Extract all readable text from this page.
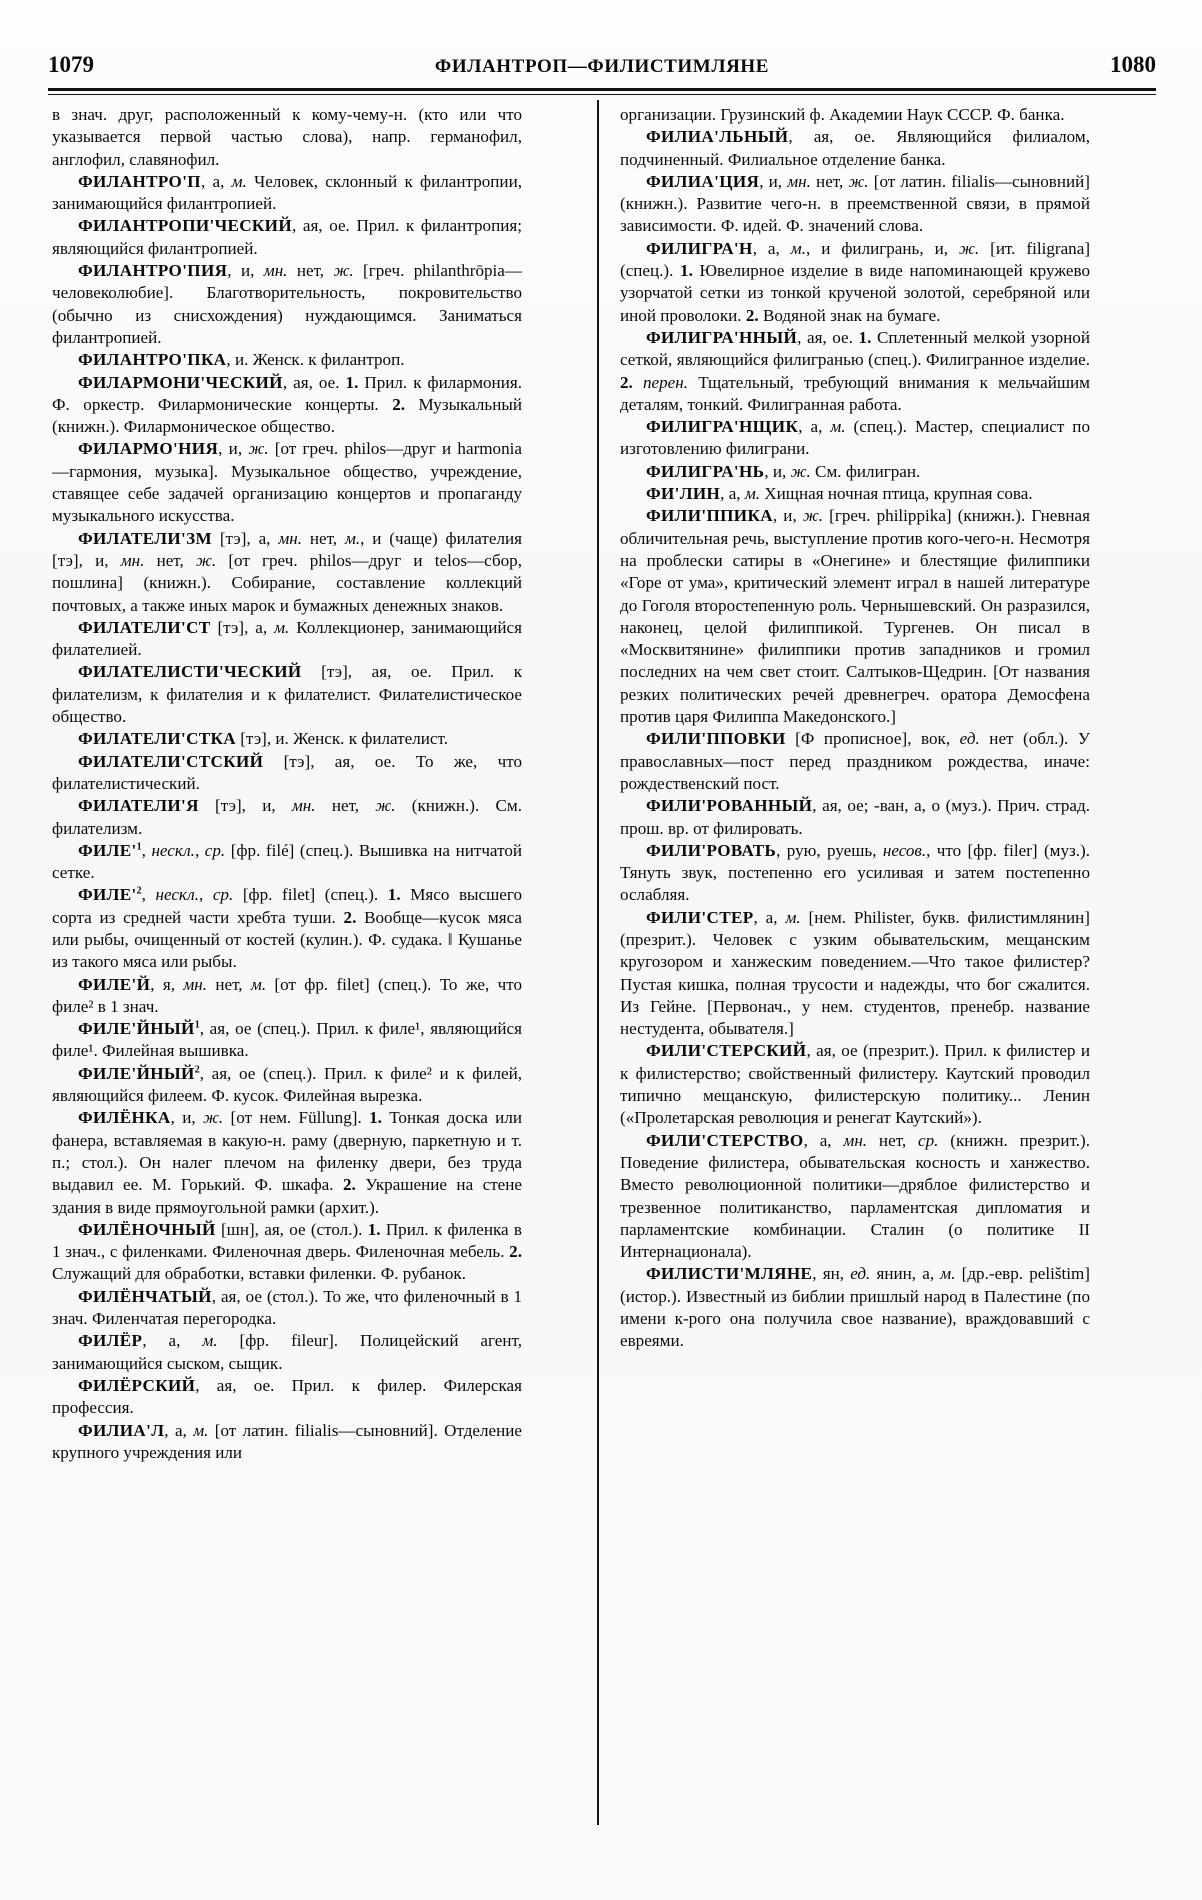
1079	ФИЛАНТРОП—ФИЛИСТИМЛЯНЕ	1080

в знач. друг, расположенный к кому-чему-н. (кто или что указывается первой частью слова), напр. германофил, англофил, славянофил.

ФИЛАНТРО'П, а, м. Человек, склонный к филантропии, занимающийся филантропией.

ФИЛАНТРОПИ'ЧЕСКИЙ, ая, ое. Прил. к филантропия; являющийся филантропией.

ФИЛАНТРО'ПИЯ, и, мн. нет, ж. [греч. philanthrōpia—человеколюбие]. Благотворительность, покровительство (обычно из снисхождения) нуждающимся. Заниматься филантропией.

ФИЛАНТРО'ПКА, и. Женск. к филантроп.

ФИЛАРМОНИ'ЧЕСКИЙ, ая, ое. 1. Прил. к филармония. Ф. оркестр. Филармонические концерты. 2. Музыкальный (книжн.). Филармоническое общество.

ФИЛАРМО'НИЯ, и, ж. [от греч. philos—друг и harmonia—гармония, музыка]. Музыкальное общество, учреждение, ставящее себе задачей организацию концертов и пропаганду музыкального искусства.

ФИЛАТЕЛИ'ЗМ [тэ], а, мн. нет, м., и (чаще) филателия [тэ], и, мн. нет, ж. [от греч. philos—друг и telos—сбор, пошлина] (книжн.). Собирание, составление коллекций почтовых, а также иных марок и бумажных денежных знаков.

ФИЛАТЕЛИ'СТ [тэ], а, м. Коллекционер, занимающийся филателией.

ФИЛАТЕЛИСТИ'ЧЕСКИЙ [тэ], ая, ое. Прил. к филателизм, к филателия и к филателист. Филателистическое общество.

ФИЛАТЕЛИ'СТКА [тэ], и. Женск. к филателист.

ФИЛАТЕЛИ'СТСКИЙ [тэ], ая, ое. То же, что филателистический.

ФИЛАТЕЛИ'Я [тэ], и, мн. нет, ж. (книжн.). См. филателизм.

$ФИЛЕ'^1$, нескл., ср. [фр. filé] (спец.). Вышивка на нитчатой сетке.

$ФИЛЕ'^2$, нескл., ср. [фр. filet] (спец.). 1. Мясо высшего сорта из средней части хребта туши. 2. Вообще—кусок мяса или рыбы, очищенный от костей (кулин.). Ф. судака. ‖ Кушанье из такого мяса или рыбы.

ФИЛЕ'Й, я, мн. нет, м. [от фр. filet] (спец.). То же, что филе² в 1 знач.

ФИЛЕ'ЙНЫЙ$^1$, ая, ое (спец.). Прил. к филе¹, являющийся филе¹. Филейная вышивка.

ФИЛЕ'ЙНЫЙ$^2$, ая, ое (спец.). Прил. к филе² и к филей, являющийся филеем. Ф. кусок. Филейная вырезка.

ФИЛЁНКА, и, ж. [от нем. Füllung]. 1. Тонкая доска или фанера, вставляемая в какую-н. раму (дверную, паркетную и т. п.; стол.). Он налег плечом на филенку двери, без труда выдавил ее. М. Горький. Ф. шкафа. 2. Украшение на стене здания в виде прямоугольной рамки (архит.).

ФИЛЁНОЧНЫЙ [шн], ая, ое (стол.). 1. Прил. к филенка в 1 знач., с филенками. Филеночная дверь. Филеночная мебель. 2. Служащий для обработки, вставки филенки. Ф. рубанок.

ФИЛЁНЧАТЫЙ, ая, ое (стол.). То же, что филеночный в 1 знач. Филенчатая перегородка.

ФИЛЁР, а, м. [фр. fileur]. Полицейский агент, занимающийся сыском, сыщик.

ФИЛЁРСКИЙ, ая, ое. Прил. к филер. Филерская профессия.

ФИЛИА'Л, а, м. [от латин. filialis—сыновний]. Отделение крупного учреждения или

организации. Грузинский ф. Академии Наук СССР. Ф. банка.

ФИЛИА'ЛЬНЫЙ, ая, ое. Являющийся филиалом, подчиненный. Филиальное отделение банка.

ФИЛИА'ЦИЯ, и, мн. нет, ж. [от латин. filialis—сыновний] (книжн.). Развитие чего-н. в преемственной связи, в прямой зависимости. Ф. идей. Ф. значений слова.

ФИЛИГРА'Н, а, м., и филигрань, и, ж. [ит. filigrana] (спец.). 1. Ювелирное изделие в виде напоминающей кружево узорчатой сетки из тонкой крученой золотой, серебряной или иной проволоки. 2. Водяной знак на бумаге.

ФИЛИГРА'ННЫЙ, ая, ое. 1. Сплетенный мелкой узорной сеткой, являющийся филигранью (спец.). Филигранное изделие. 2. перен. Тщательный, требующий внимания к мельчайшим деталям, тонкий. Филигранная работа.

ФИЛИГРА'НЩИК, а, м. (спец.). Мастер, специалист по изготовлению филиграни.

ФИЛИГРА'НЬ, и, ж. См. филигран.

ФИ'ЛИН, а, м. Хищная ночная птица, крупная сова.

ФИЛИ'ППИКА, и, ж. [греч. philippika] (книжн.). Гневная обличительная речь, выступление против кого-чего-н. Несмотря на проблески сатиры в «Онегине» и блестящие филиппики «Горе от ума», критический элемент играл в нашей литературе до Гоголя второстепенную роль. Чернышевский. Он разразился, наконец, целой филиппикой. Тургенев. Он писал в «Москвитянине» филиппики против западников и громил последних на чем свет стоит. Салтыков-Щедрин. [От названия резких политических речей древнегреч. оратора Демосфена против царя Филиппа Македонского.]

ФИЛИ'ППОВКИ [Ф прописное], вок, ед. нет (обл.). У православных—пост перед праздником рождества, иначе: рождественский пост.

ФИЛИ'РОВАННЫЙ, ая, ое; -ван, а, о (муз.). Прич. страд. прош. вр. от филировать.

ФИЛИ'РОВАТЬ, рую, руешь, несов., что [фр. filer] (муз.). Тянуть звук, постепенно его усиливая и затем постепенно ослабляя.

ФИЛИ'СТЕР, а, м. [нем. Philister, букв. филистимлянин] (презрит.). Человек с узким обывательским, мещанским кругозором и ханжеским поведением.—Что такое филистер? Пустая кишка, полная трусости и надежды, что бог сжалится. Из Гейне. [Первонач., у нем. студентов, пренебр. название нестудента, обывателя.]

ФИЛИ'СТЕРСКИЙ, ая, ое (презрит.). Прил. к филистер и к филистерство; свойственный филистеру. Каутский проводил типично мещанскую, филистерскую политику... Ленин («Пролетарская революция и ренегат Каутский»).

ФИЛИ'СТЕРСТВО, а, мн. нет, ср. (книжн. презрит.). Поведение филистера, обывательская косность и ханжество. Вместо революционной политики—дряблое филистерство и трезвенное политиканство, парламентская дипломатия и парламентские комбинации. Сталин (о политике II Интернационала).

ФИЛИСТИ'МЛЯНЕ, ян, ед. янин, а, м. [др.-евр. pelištim] (истор.). Известный из библии пришлый народ в Палестине (по имени к-рого она получила свое название), враждовавший с евреями.
